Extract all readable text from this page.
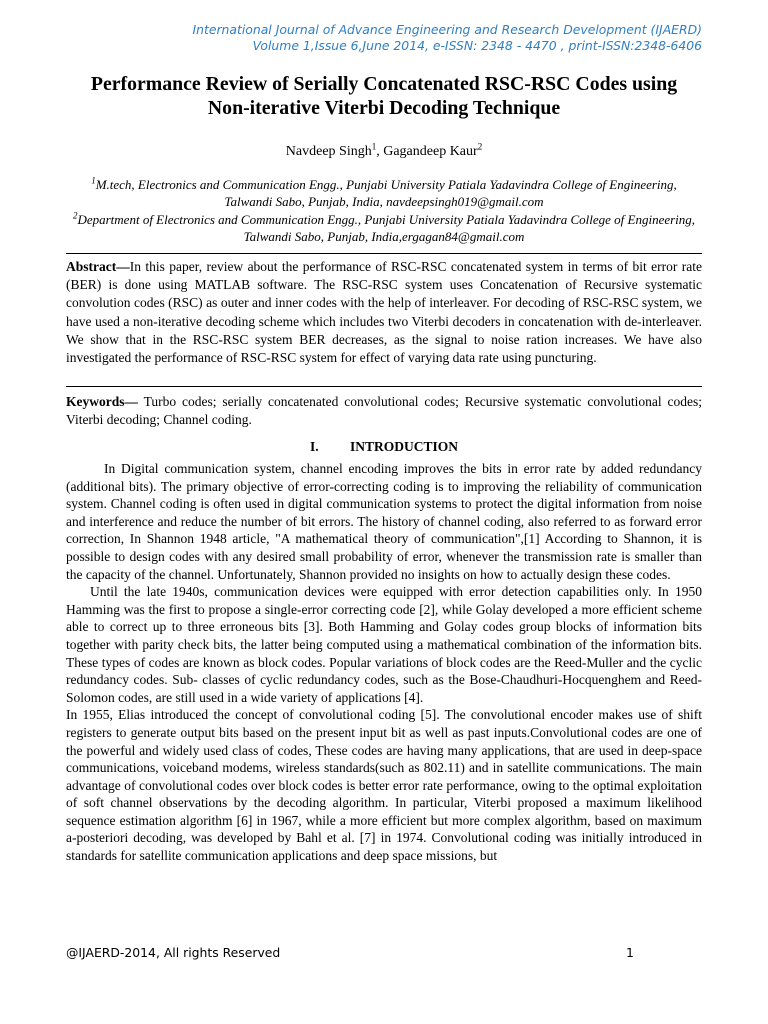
International Journal of Advance Engineering and Research Development (IJAERD)
Volume 1,Issue 6,June 2014, e-ISSN: 2348 - 4470 , print-ISSN:2348-6406
Performance Review of Serially Concatenated RSC-RSC Codes using
Non-iterative Viterbi Decoding Technique
Navdeep Singh$^1$, Gagandeep Kaur$^2$
$^1$M.tech, Electronics and Communication Engg., Punjabi University Patiala Yadavindra College of Engineering, Talwandi Sabo, Punjab, India, navdeepsingh019@gmail.com
$^2$Department of Electronics and Communication Engg., Punjabi University Patiala Yadavindra College of Engineering, Talwandi Sabo, Punjab, India,ergagan84@gmail.com

Abstract—In this paper, review about the performance of RSC-RSC concatenated system in terms of bit error rate (BER) is done using MATLAB software. The RSC-RSC system uses Concatenation of Recursive systematic convolution codes (RSC) as outer and inner codes with the help of interleaver. For decoding of RSC-RSC system, we have used a non-iterative decoding scheme which includes two Viterbi decoders in concatenation with de-interleaver. We show that in the RSC-RSC system BER decreases, as the signal to noise ration increases. We have also investigated the performance of RSC-RSC system for effect of varying data rate using puncturing.

Keywords— Turbo codes; serially concatenated convolutional codes; Recursive systematic convolutional codes; Viterbi decoding; Channel coding.

I. INTRODUCTION

In Digital communication system, channel encoding improves the bits in error rate by added redundancy (additional bits). The primary objective of error-correcting coding is to improving the reliability of communication system. Channel coding is often used in digital communication systems to protect the digital information from noise and interference and reduce the number of bit errors. The history of channel coding, also referred to as forward error correction, In Shannon 1948 article, "A mathematical theory of communication",[1] According to Shannon, it is possible to design codes with any desired small probability of error, whenever the transmission rate is smaller than the capacity of the channel. Unfortunately, Shannon provided no insights on how to actually design these codes.

Until the late 1940s, communication devices were equipped with error detection capabilities only. In 1950 Hamming was the first to propose a single-error correcting code [2], while Golay developed a more efficient scheme able to correct up to three erroneous bits [3]. Both Hamming and Golay codes group blocks of information bits together with parity check bits, the latter being computed using a mathematical combination of the information bits. These types of codes are known as block codes. Popular variations of block codes are the Reed-Muller and the cyclic redundancy codes. Sub- classes of cyclic redundancy codes, such as the Bose-Chaudhuri-Hocquenghem and Reed-Solomon codes, are still used in a wide variety of applications [4].

In 1955, Elias introduced the concept of convolutional coding [5]. The convolutional encoder makes use of shift registers to generate output bits based on the present input bit as well as past inputs.Convolutional codes are one of the powerful and widely used class of codes, These codes are having many applications, that are used in deep-space communications, voiceband modems, wireless standards(such as 802.11) and in satellite communications. The main advantage of convolutional codes over block codes is better error rate performance, owing to the optimal exploitation of soft channel observations by the decoding algorithm. In particular, Viterbi proposed a maximum likelihood sequence estimation algorithm [6] in 1967, while a more efficient but more complex algorithm, based on maximum a-posteriori decoding, was developed by Bahl et al. [7] in 1974. Convolutional coding was initially introduced in standards for satellite communication applications and deep space missions, but

@IJAERD-2014, All rights Reserved	1
